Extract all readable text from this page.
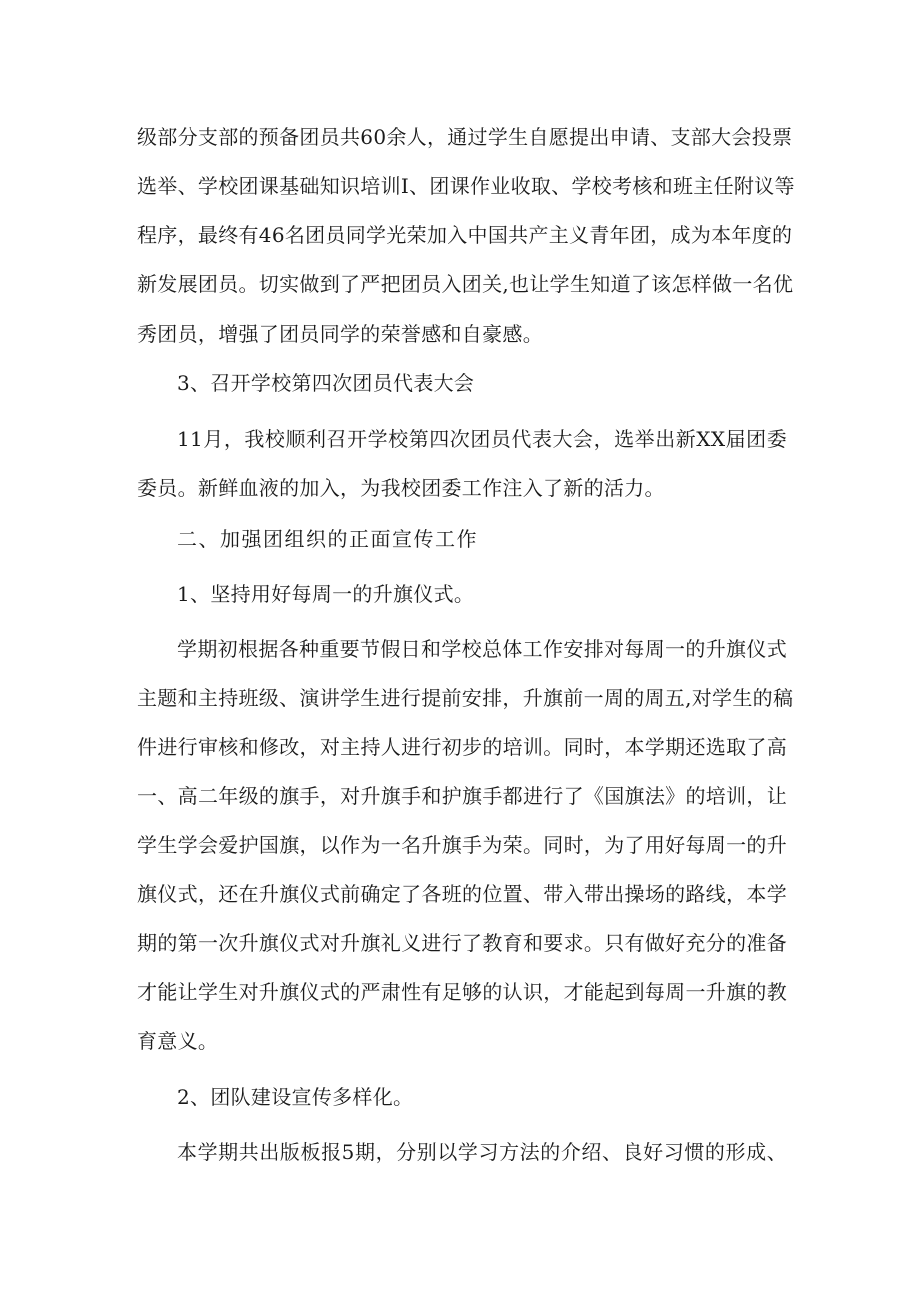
级部分支部的预备团员共60余人，通过学生自愿提出申请、支部大会投票
选举、学校团课基础知识培训Ⅰ、团课作业收取、学校考核和班主任附议等
程序，最终有46名团员同学光荣加入中国共产主义青年团，成为本年度的
新发展团员。切实做到了严把团员入团关,也让学生知道了该怎样做一名优
秀团员，增强了团员同学的荣誉感和自豪感。
3、召开学校第四次团员代表大会
11月，我校顺利召开学校第四次团员代表大会，选举出新XX届团委
委员。新鲜血液的加入，为我校团委工作注入了新的活力。
二、加强团组织的正面宣传工作
1、坚持用好每周一的升旗仪式。
学期初根据各种重要节假日和学校总体工作安排对每周一的升旗仪式
主题和主持班级、演讲学生进行提前安排，升旗前一周的周五,对学生的稿
件进行审核和修改，对主持人进行初步的培训。同时，本学期还选取了高
一、高二年级的旗手，对升旗手和护旗手都进行了《国旗法》的培训，让
学生学会爱护国旗，以作为一名升旗手为荣。同时，为了用好每周一的升
旗仪式，还在升旗仪式前确定了各班的位置、带入带出操场的路线，本学
期的第一次升旗仪式对升旗礼义进行了教育和要求。只有做好充分的准备
才能让学生对升旗仪式的严肃性有足够的认识，才能起到每周一升旗的教
育意义。
2、团队建设宣传多样化。
本学期共出版板报5期，分别以学习方法的介绍、良好习惯的形成、
